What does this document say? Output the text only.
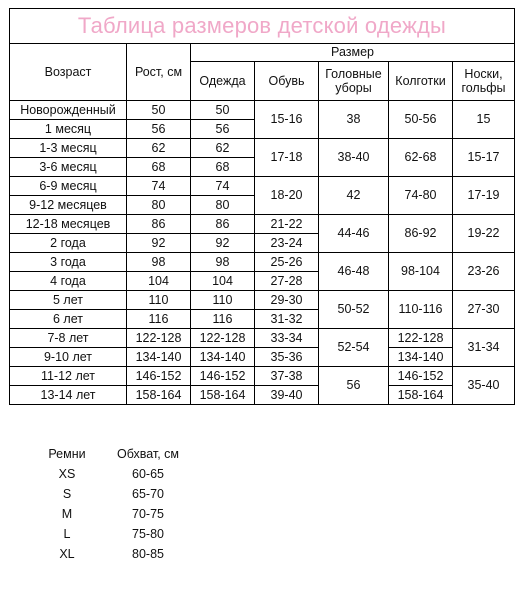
Таблица размеров детской одежды						
Возраст	Рост, см	Размер				
		Одежда	Обувь	Головные уборы	Колготки	Носки, гольфы
Новорожденный	50	50	15-16	38	50-56	15
1 месяц	56	56				
1-3 месяц	62	62	17-18	38-40	62-68	15-17
3-6 месяц	68	68				
6-9 месяц	74	74	18-20	42	74-80	17-19
9-12 месяцев	80	80				
12-18 месяцев	86	86	21-22	44-46	86-92	19-22
2 года	92	92	23-24			
3 года	98	98	25-26	46-48	98-104	23-26
4 года	104	104	27-28			
5 лет	110	110	29-30	50-52	110-116	27-30
6 лет	116	116	31-32			
7-8 лет	122-128	122-128	33-34	52-54	122-128	31-34
9-10 лет	134-140	134-140	35-36		134-140	
11-12 лет	146-152	146-152	37-38	56	146-152	35-40
13-14 лет	158-164	158-164	39-40		158-164	
Ремни	Обхват, см
XS	60-65
S	65-70
M	70-75
L	75-80
XL	80-85
